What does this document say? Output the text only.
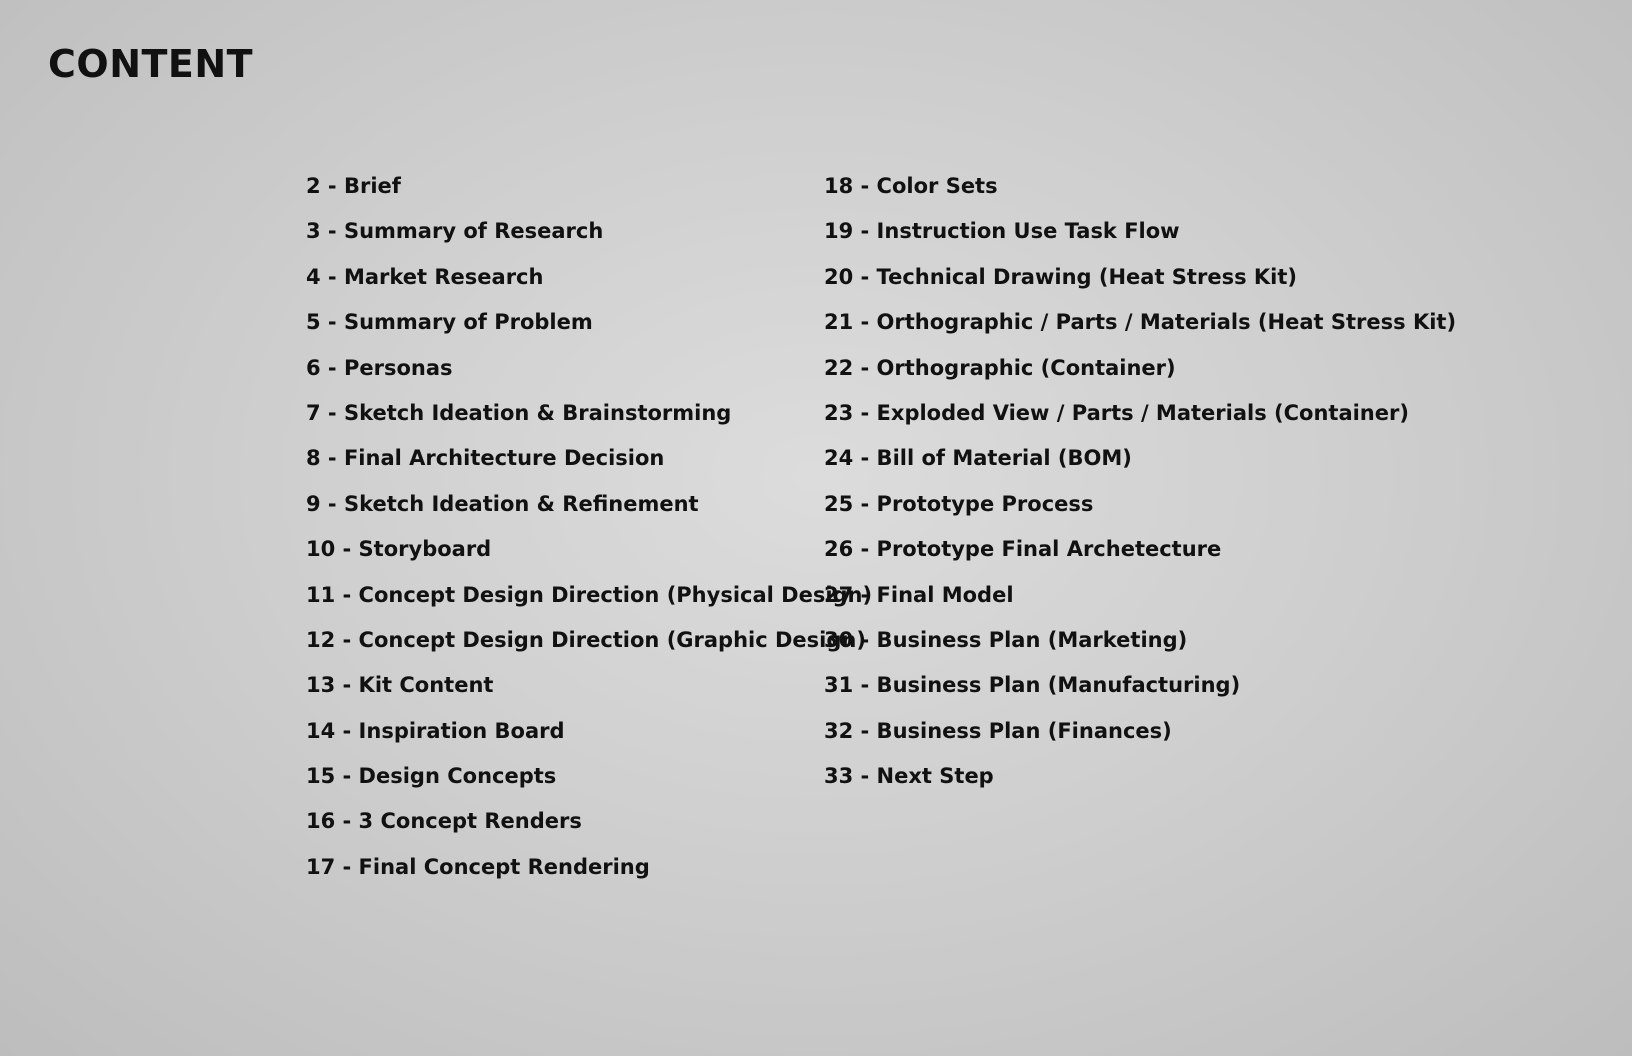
CONTENT
2 - Brief
3 - Summary of Research
4 - Market Research
5 - Summary of Problem
6 - Personas
7 - Sketch Ideation & Brainstorming
8 - Final Architecture Decision
9 - Sketch Ideation & Refinement
10 - Storyboard
11 - Concept Design Direction (Physical Design)
12 - Concept Design Direction (Graphic Design)
13 - Kit Content
14 - Inspiration Board
15 - Design Concepts
16 - 3 Concept Renders
17 - Final Concept Rendering
18 - Color Sets
19 - Instruction Use Task Flow
20 - Technical Drawing (Heat Stress Kit)
21 - Orthographic / Parts / Materials (Heat Stress Kit)
22 - Orthographic (Container)
23 - Exploded View / Parts / Materials (Container)
24 - Bill of Material (BOM)
25 - Prototype Process
26 - Prototype Final Archetecture
27 - Final Model
30 - Business Plan (Marketing)
31 - Business Plan (Manufacturing)
32 - Business Plan (Finances)
33 - Next Step
